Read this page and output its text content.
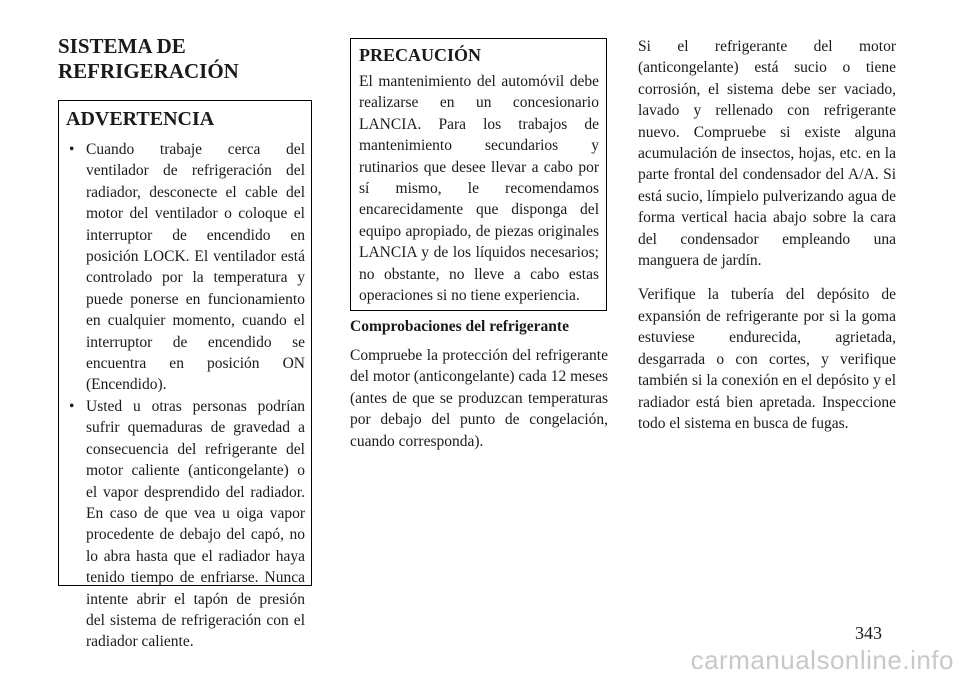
SISTEMA DE REFRIGERACIÓN
ADVERTENCIA
• Cuando trabaje cerca del ventilador de refrigeración del radiador, desconecte el cable del motor del ventilador o coloque el interruptor de encendido en posición LOCK. El ventilador está controlado por la temperatura y puede ponerse en funcionamiento en cualquier momento, cuando el interruptor de encendido se encuentra en posición ON (Encendido).
• Usted u otras personas podrían sufrir quemaduras de gravedad a consecuencia del refrigerante del motor caliente (anticongelante) o el vapor desprendido del radiador. En caso de que vea u oiga vapor procedente de debajo del capó, no lo abra hasta que el radiador haya tenido tiempo de enfriarse. Nunca intente abrir el tapón de presión del sistema de refrigeración con el radiador caliente.
PRECAUCIÓN

El mantenimiento del automóvil debe realizarse en un concesionario LANCIA. Para los trabajos de mantenimiento secundarios y rutinarios que desee llevar a cabo por sí mismo, le recomendamos encarecidamente que disponga del equipo apropiado, de piezas originales LANCIA y de los líquidos necesarios; no obstante, no lleve a cabo estas operaciones si no tiene experiencia.

Comprobaciones del refrigerante

Compruebe la protección del refrigerante del motor (anticongelante) cada 12 meses (antes de que se produzcan temperaturas por debajo del punto de congelación, cuando corresponda).

Si el refrigerante del motor (anticongelante) está sucio o tiene corrosión, el sistema debe ser vaciado, lavado y rellenado con refrigerante nuevo. Compruebe si existe alguna acumulación de insectos, hojas, etc. en la parte frontal del condensador del A/A. Si está sucio, límpielo pulverizando agua de forma vertical hacia abajo sobre la cara del condensador empleando una manguera de jardín.

Verifique la tubería del depósito de expansión de refrigerante por si la goma estuviese endurecida, agrietada, desgarrada o con cortes, y verifique también si la conexión en el depósito y el radiador está bien apretada. Inspeccione todo el sistema en busca de fugas.

343
carmanualsonline.info
